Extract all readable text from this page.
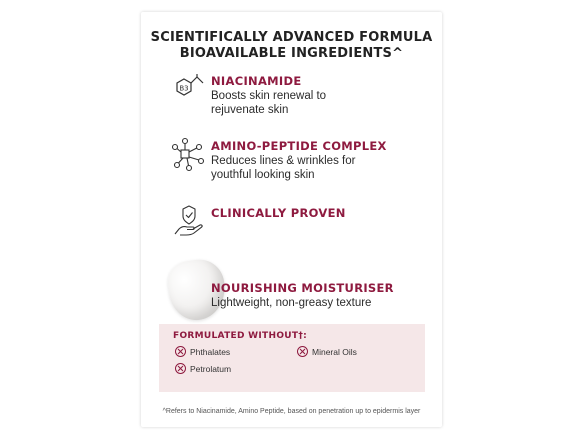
SCIENTIFICALLY ADVANCED FORMULA
BIOAVAILABLE INGREDIENTS^
B3
NIACINAMIDE
Boosts skin renewal to
rejuvenate skin
AMINO-PEPTIDE COMPLEX
Reduces lines & wrinkles for
youthful looking skin
CLINICALLY PROVEN
NOURISHING MOISTURISER
Lightweight, non-greasy texture
FORMULATED WITHOUT†:
Phthalates	Mineral Oils
Petrolatum
^Refers to Niacinamide, Amino Peptide, based on penetration up to epidermis layer
